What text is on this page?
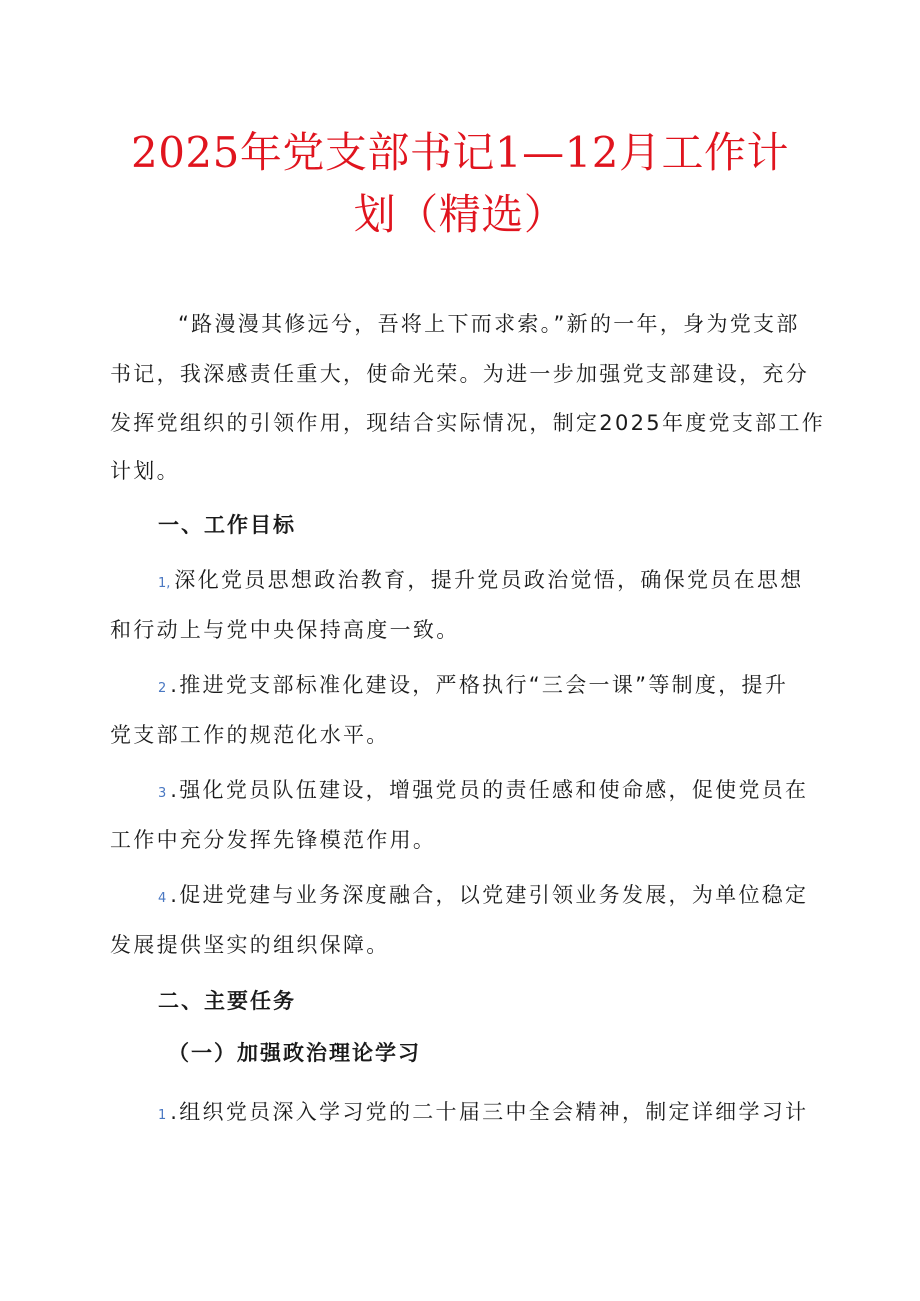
2025年党支部书记1—12月工作计
划（精选）
“路漫漫其修远兮，吾将上下而求索。”新的一年，身为党支部
书记，我深感责任重大，使命光荣。为进一步加强党支部建设，充分
发挥党组织的引领作用，现结合实际情况，制定2025年度党支部工作
计划。
一、工作目标
1, 深化党员思想政治教育，提升党员政治觉悟，确保党员在思想
和行动上与党中央保持高度一致。
2 .推进党支部标准化建设，严格执行“三会一课”等制度，提升
党支部工作的规范化水平。
3 .强化党员队伍建设，增强党员的责任感和使命感，促使党员在
工作中充分发挥先锋模范作用。
4 .促进党建与业务深度融合，以党建引领业务发展，为单位稳定
发展提供坚实的组织保障。
二、主要任务
（一）加强政治理论学习
1 .组织党员深入学习党的二十届三中全会精神，制定详细学习计
